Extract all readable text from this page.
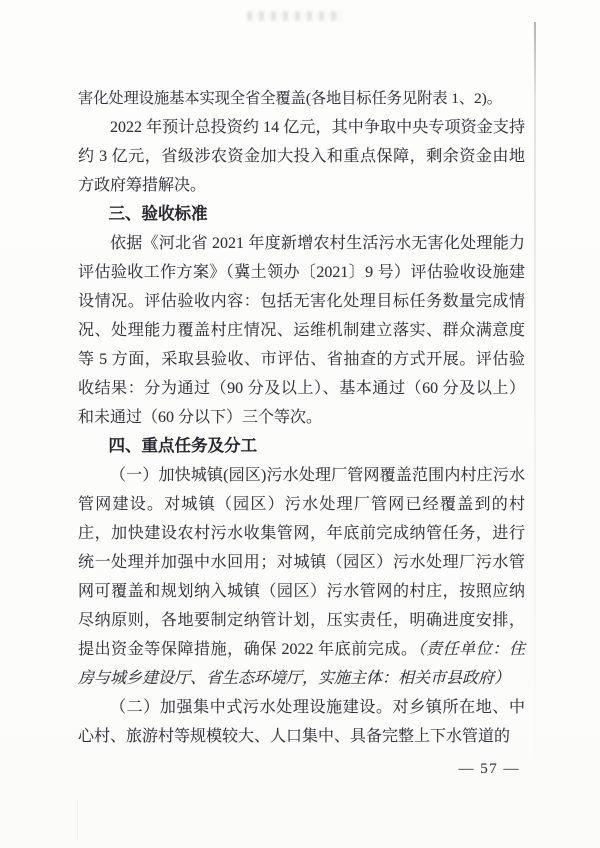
害化处理设施基本实现全省全覆盖(各地目标任务见附表 1、2)。

2022 年预计总投资约 14 亿元，其中争取中央专项资金支持约 3 亿元，省级涉农资金加大投入和重点保障，剩余资金由地方政府筹措解决。

三、验收标准

依据《河北省 2021 年度新增农村生活污水无害化处理能力评估验收工作方案》（冀土领办〔2021〕9 号）评估验收设施建设情况。评估验收内容：包括无害化处理目标任务数量完成情况、处理能力覆盖村庄情况、运维机制建立落实、群众满意度等 5 方面，采取县验收、市评估、省抽查的方式开展。评估验收结果：分为通过（90 分及以上）、基本通过（60 分及以上）和未通过（60 分以下）三个等次。

四、重点任务及分工

（一）加快城镇(园区)污水处理厂管网覆盖范围内村庄污水管网建设。对城镇（园区）污水处理厂管网已经覆盖到的村庄，加快建设农村污水收集管网，年底前完成纳管任务，进行统一处理并加强中水回用；对城镇（园区）污水处理厂污水管网可覆盖和规划纳入城镇（园区）污水管网的村庄，按照应纳尽纳原则，各地要制定纳管计划，压实责任，明确进度安排，提出资金等保障措施，确保 2022 年底前完成。（责任单位：住房与城乡建设厅、省生态环境厅，实施主体：相关市县政府）

（二）加强集中式污水处理设施建设。对乡镇所在地、中心村、旅游村等规模较大、人口集中、具备完整上下水管道的

— 57 —
